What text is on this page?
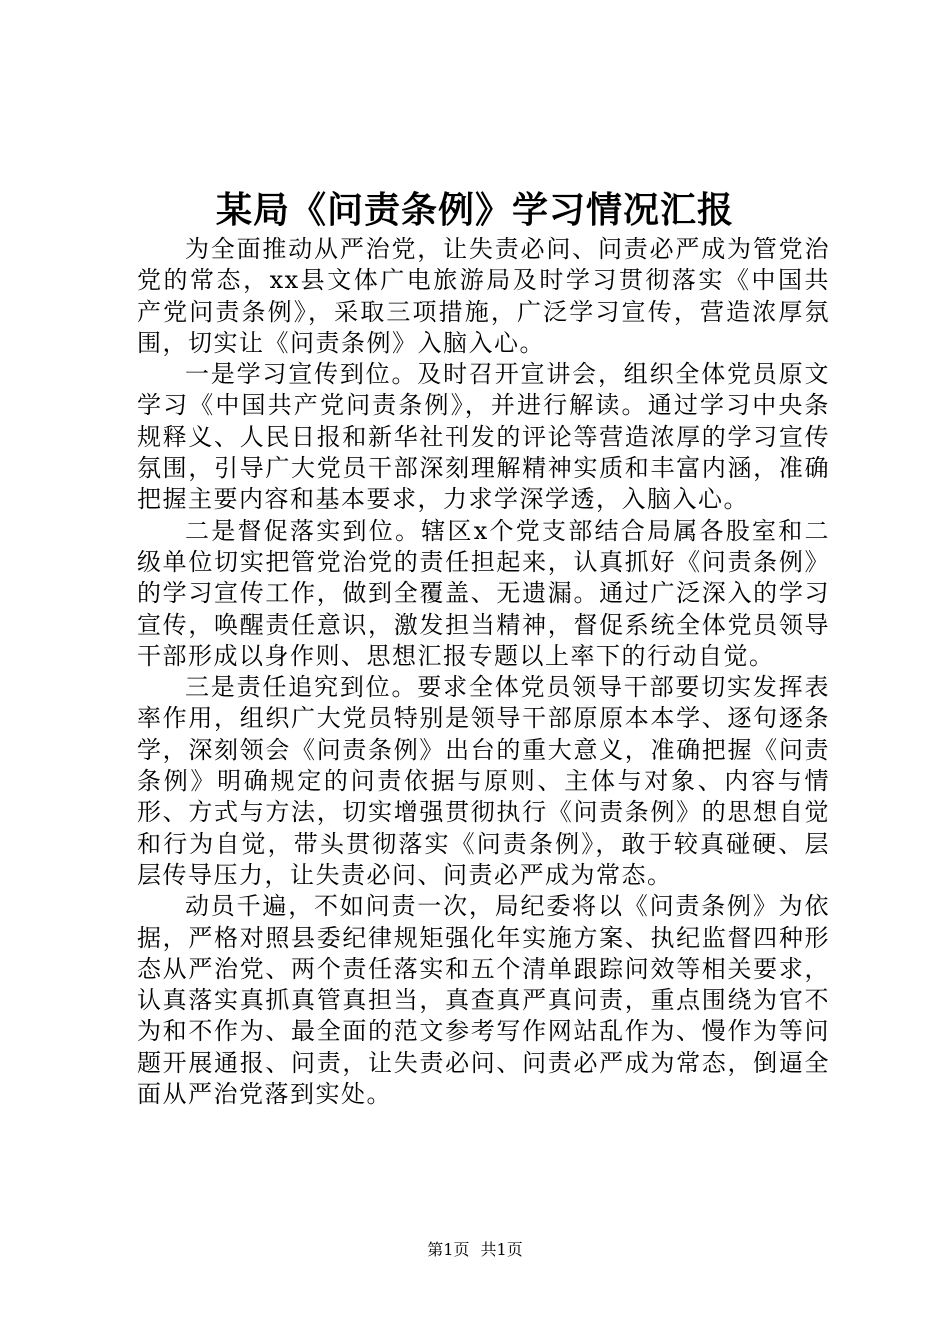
某局《问责条例》学习情况汇报

为全面推动从严治党，让失责必问、问责必严成为管党治党的常态，xx县文体广电旅游局及时学习贯彻落实《中国共产党问责条例》，采取三项措施，广泛学习宣传，营造浓厚氛围，切实让《问责条例》入脑入心。

一是学习宣传到位。及时召开宣讲会，组织全体党员原文学习《中国共产党问责条例》，并进行解读。通过学习中央条规释义、人民日报和新华社刊发的评论等营造浓厚的学习宣传氛围，引导广大党员干部深刻理解精神实质和丰富内涵，准确把握主要内容和基本要求，力求学深学透，入脑入心。

二是督促落实到位。辖区x个党支部结合局属各股室和二级单位切实把管党治党的责任担起来，认真抓好《问责条例》的学习宣传工作，做到全覆盖、无遗漏。通过广泛深入的学习宣传，唤醒责任意识，激发担当精神，督促系统全体党员领导干部形成以身作则、思想汇报专题以上率下的行动自觉。

三是责任追究到位。要求全体党员领导干部要切实发挥表率作用，组织广大党员特别是领导干部原原本本学、逐句逐条学，深刻领会《问责条例》出台的重大意义，准确把握《问责条例》明确规定的问责依据与原则、主体与对象、内容与情形、方式与方法，切实增强贯彻执行《问责条例》的思想自觉和行为自觉，带头贯彻落实《问责条例》，敢于较真碰硬、层层传导压力，让失责必问、问责必严成为常态。

动员千遍，不如问责一次，局纪委将以《问责条例》为依据，严格对照县委纪律规矩强化年实施方案、执纪监督四种形态从严治党、两个责任落实和五个清单跟踪问效等相关要求，认真落实真抓真管真担当，真查真严真问责，重点围绕为官不为和不作为、最全面的范文参考写作网站乱作为、慢作为等问题开展通报、问责，让失责必问、问责必严成为常态，倒逼全面从严治党落到实处。

第1页 共1页
